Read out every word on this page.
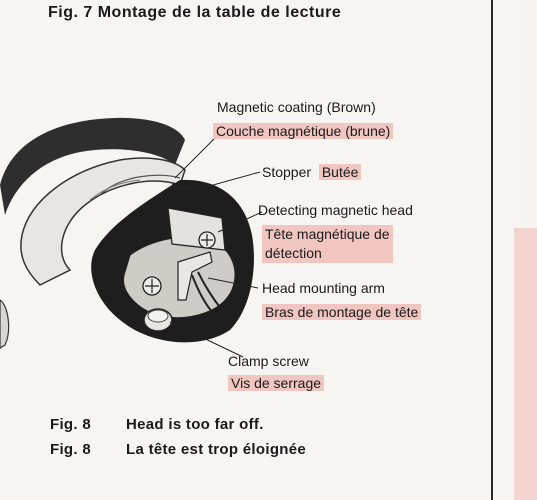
Fig. 7 Montage de la table de lecture
Magnetic coating (Brown)
Couche magnétique (brune)
Stopper Butée
Detecting magnetic head
Tête magnétique de
détection
Head mounting arm
Bras de montage de tête
Clamp screw
Vis de serrage
Fig. 8 Head is too far off.
Fig. 8 La tête est trop éloignée
